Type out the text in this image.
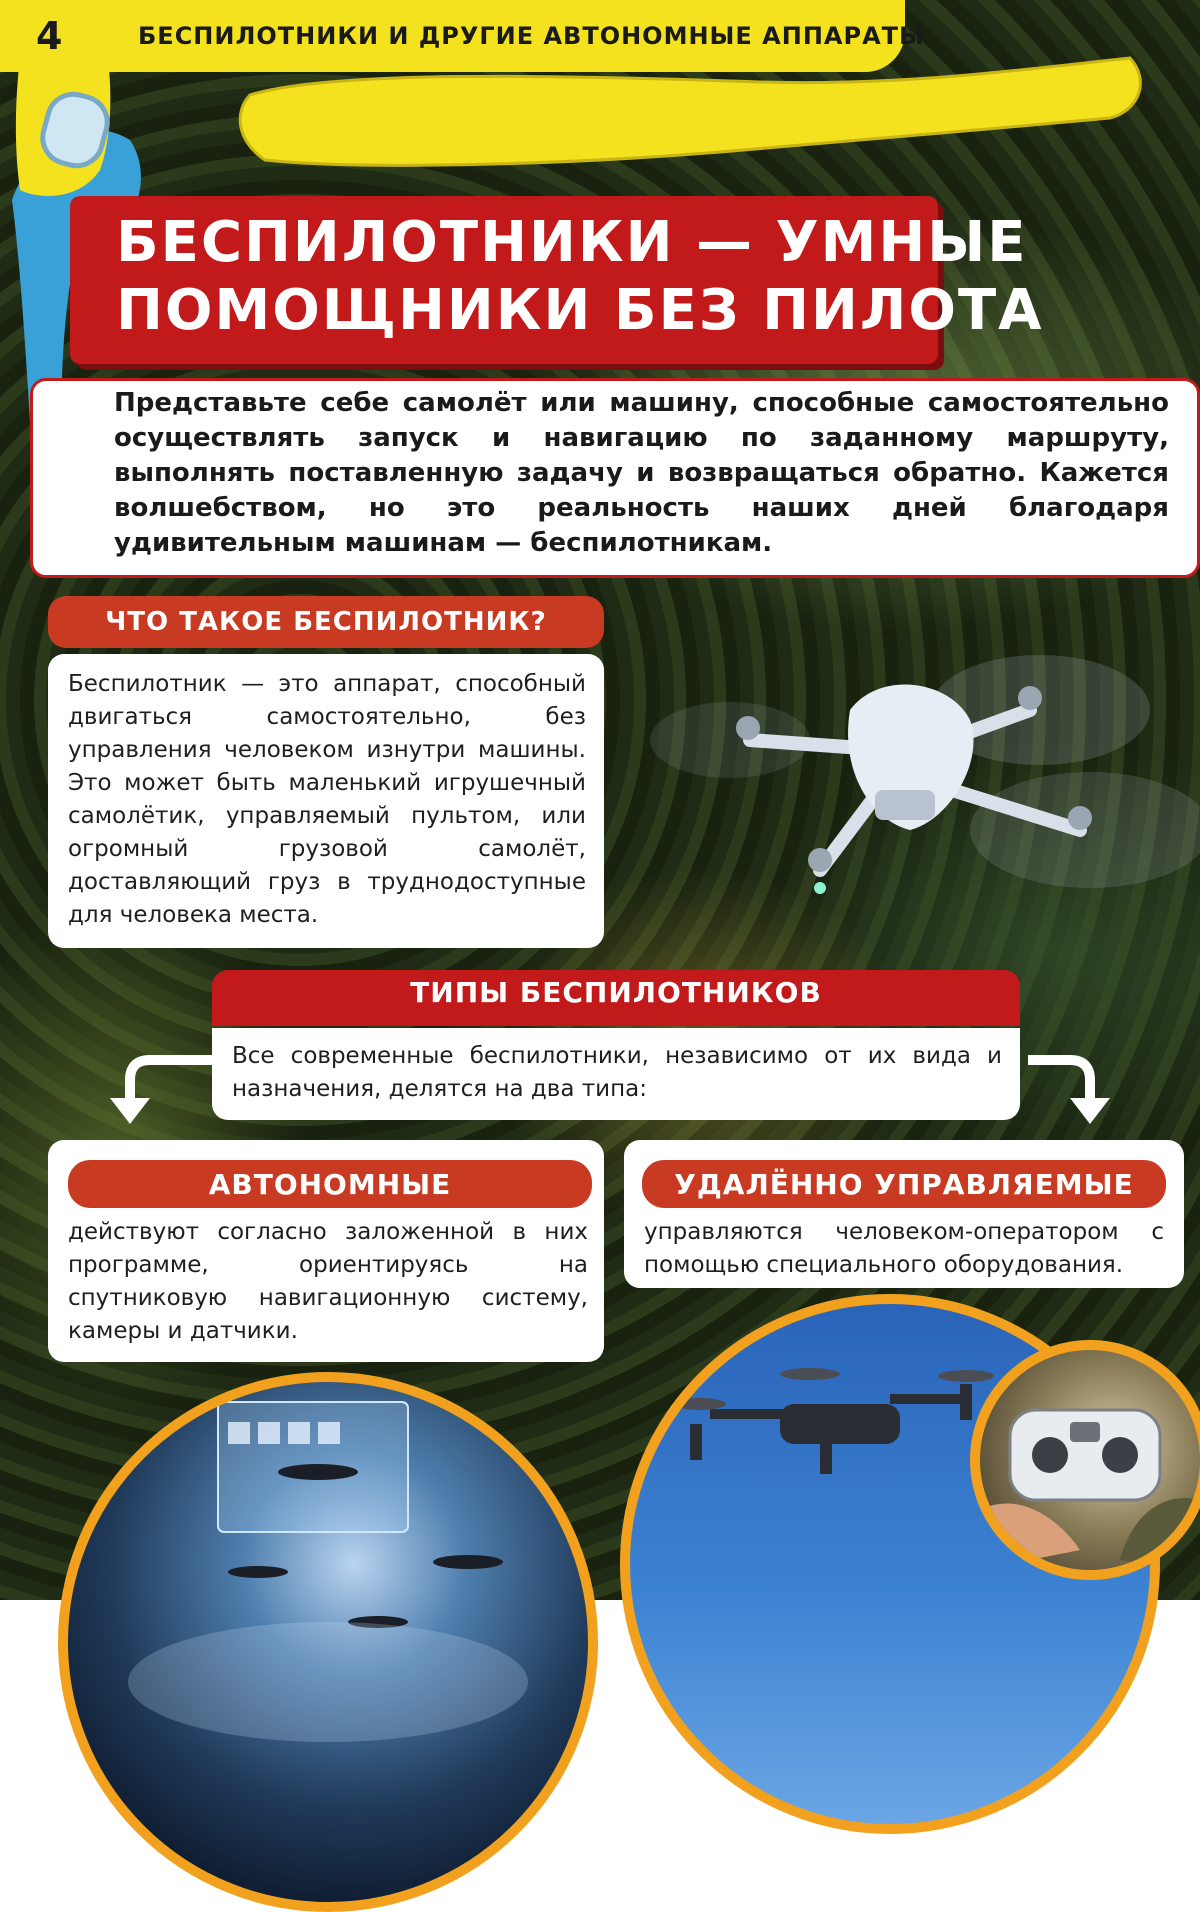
4	БЕСПИЛОТНИКИ И ДРУГИЕ АВТОНОМНЫЕ АППАРАТЫ
БЕСПИЛОТНИКИ — УМНЫЕ
ПОМОЩНИКИ БЕЗ ПИЛОТА
Представьте себе самолёт или машину, способные самостоятельно осуществлять запуск и навигацию по заданному маршруту, выполнять поставленную задачу и возвращаться обратно. Кажется волшебством, но это реальность наших дней благодаря удивительным машинам — беспилотникам.
ЧТО ТАКОЕ БЕСПИЛОТНИК?
Беспилотник — это аппарат, способный двигаться самостоятельно, без управления человеком изнутри машины. Это может быть маленький игрушечный самолётик, управляемый пультом, или огромный грузовой самолёт, доставляющий груз в труднодоступные для человека места.
ТИПЫ БЕСПИЛОТНИКОВ
Все современные беспилотники, независимо от их вида и назначения, делятся на два типа:
АВТОНОМНЫЕ
действуют согласно заложенной в них программе, ориентируясь на спутниковую навигационную систему, камеры и датчики.
УДАЛЁННО УПРАВЛЯЕМЫЕ
управляются человеком-оператором с помощью специального оборудования.
